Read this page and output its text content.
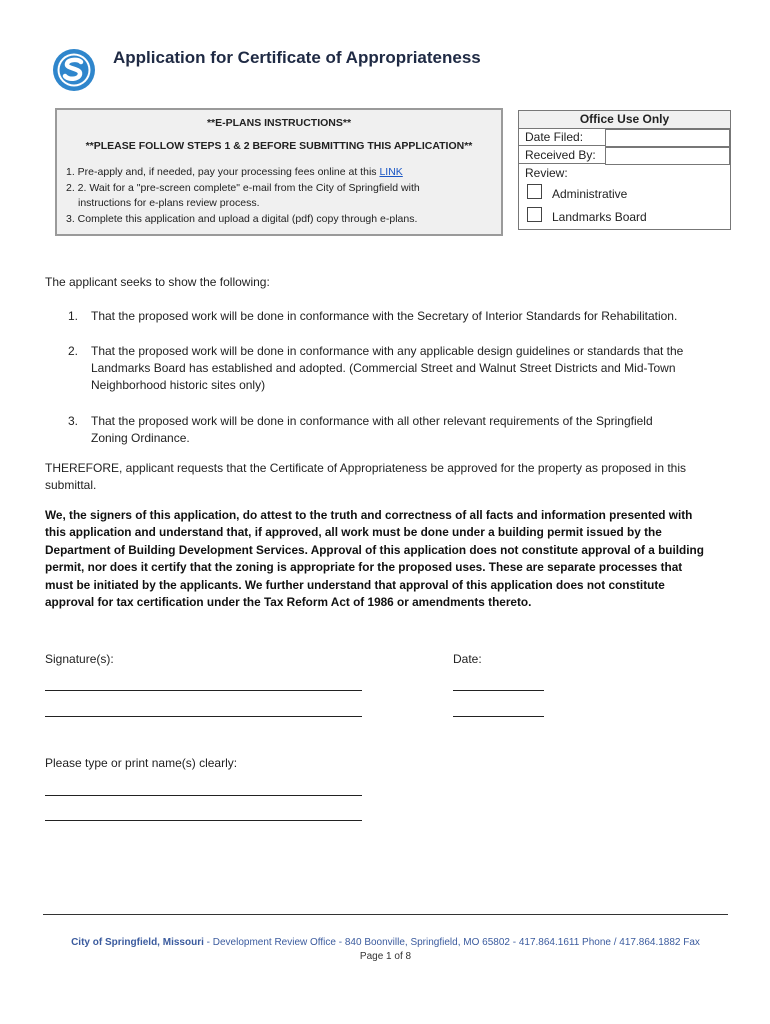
Application for Certificate of Appropriateness
**E-PLANS INSTRUCTIONS**
**PLEASE FOLLOW STEPS 1 & 2 BEFORE SUBMITTING THIS APPLICATION**
1. Pre-apply and, if needed, pay your processing fees online at this LINK
2. 2. Wait for a "pre-screen complete" e-mail from the City of Springfield with
instructions for e-plans review process.
3. Complete this application and upload a digital (pdf) copy through e-plans.
Office Use Only
Date Filed:
Received By:
Review:
Administrative
Landmarks Board
The applicant seeks to show the following:
1. That the proposed work will be done in conformance with the Secretary of Interior Standards for Rehabilitation.
2. That the proposed work will be done in conformance with any applicable design guidelines or standards that the
Landmarks Board has established and adopted. (Commercial Street and Walnut Street Districts and Mid-Town
Neighborhood historic sites only)
3. That the proposed work will be done in conformance with all other relevant requirements of the Springfield
Zoning Ordinance.
THEREFORE, applicant requests that the Certificate of Appropriateness be approved for the property as proposed in this
submittal.
We, the signers of this application, do attest to the truth and correctness of all facts and information presented with
this application and understand that, if approved, all work must be done under a building permit issued by the
Department of Building Development Services. Approval of this application does not constitute approval of a building
permit, nor does it certify that the zoning is appropriate for the proposed uses. These are separate processes that
must be initiated by the applicants. We further understand that approval of this application does not constitute
approval for tax certification under the Tax Reform Act of 1986 or amendments thereto.
Signature(s):	Date:
Please type or print name(s) clearly:
City of Springfield, Missouri - Development Review Office - 840 Boonville, Springfield, MO 65802 - 417.864.1611 Phone / 417.864.1882 Fax
Page 1 of 8
